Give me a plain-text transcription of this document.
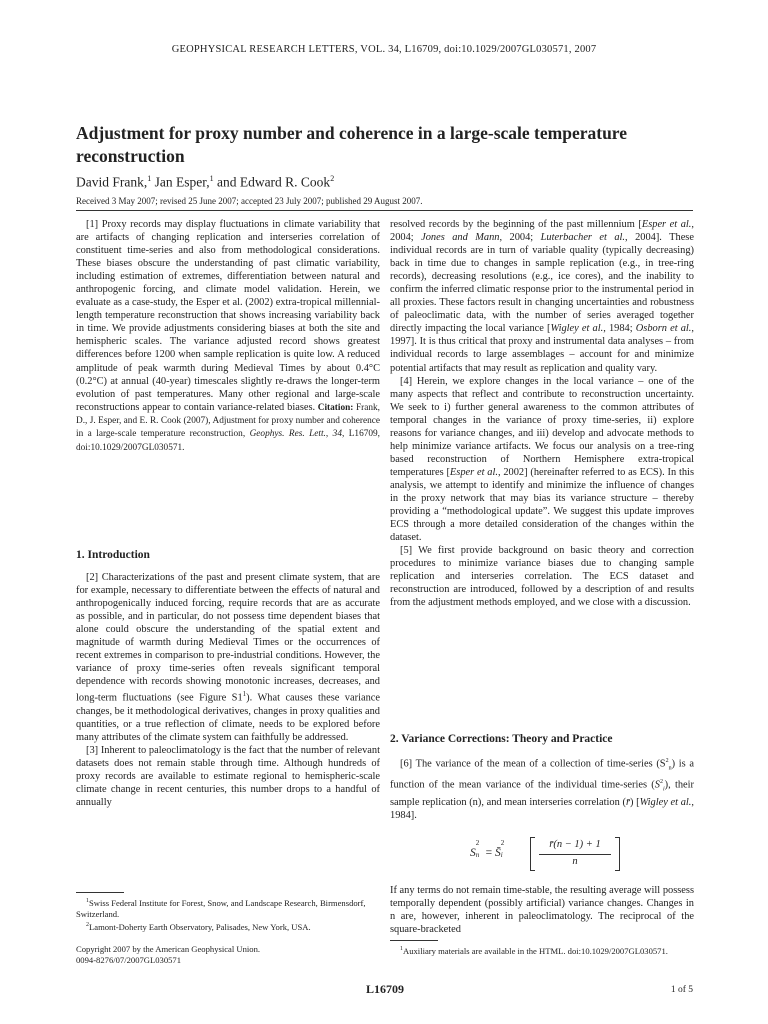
GEOPHYSICAL RESEARCH LETTERS, VOL. 34, L16709, doi:10.1029/2007GL030571, 2007
Adjustment for proxy number and coherence in a large-scale temperature reconstruction
David Frank,$^1$ Jan Esper,$^1$ and Edward R. Cook$^2$
Received 3 May 2007; revised 25 June 2007; accepted 23 July 2007; published 29 August 2007.

[1] Proxy records may display fluctuations in climate variability that are artifacts of changing replication and interseries correlation of constituent time-series and also from methodological considerations. These biases obscure the understanding of past climatic variability, including estimation of extremes, differentiation between natural and anthropogenic forcing, and climate model validation. Herein, we evaluate as a case-study, the Esper et al. (2002) extra-tropical millennial-length temperature reconstruction that shows increasing variability back in time. We provide adjustments considering biases at both the site and hemispheric scales. The variance adjusted record shows greatest differences before 1200 when sample replication is quite low. A reduced amplitude of peak warmth during Medieval Times by about 0.4°C (0.2°C) at annual (40-year) timescales slightly re-draws the longer-term evolution of past temperatures. Many other regional and large-scale reconstructions appear to contain variance-related biases. Citation: Frank, D., J. Esper, and E. R. Cook (2007), Adjustment for proxy number and coherence in a large-scale temperature reconstruction, Geophys. Res. Lett., 34, L16709, doi:10.1029/2007GL030571.

1. Introduction

[2] Characterizations of the past and present climate system, that are for example, necessary to differentiate between the effects of natural and anthropogenically induced forcing, require records that are as accurate as possible, and in particular, do not possess time dependent biases that alone could obscure the understanding of the spatial extent and magnitude of warmth during Medieval Times or the occurrences of recent extremes in comparison to pre-industrial conditions. However, the variance of proxy time-series often reveals significant temporal dependence with records showing monotonic increases, decreases, and long-term fluctuations (see Figure $S1^1$). What causes these variance changes, be it methodological derivatives, changes in proxy qualities and quantities, or a true reflection of climate, needs to be explored before many attributes of the climate system can faithfully be addressed.

[3] Inherent to paleoclimatology is the fact that the number of relevant datasets does not remain stable through time. Although hundreds of proxy records are available to estimate regional to hemispheric-scale climate change in recent centuries, this number drops to a handful of annually

$^1$Swiss Federal Institute for Forest, Snow, and Landscape Research, Birmensdorf, Switzerland.
$^2$Lamont-Doherty Earth Observatory, Palisades, New York, USA.
Copyright 2007 by the American Geophysical Union.
0094-8276/07/2007GL030571

resolved records by the beginning of the past millennium [Esper et al., 2004; Jones and Mann, 2004; Luterbacher et al., 2004]. These individual records are in turn of variable quality (typically decreasing) back in time due to changes in sample replication (e.g., in tree-ring records), decreasing resolutions (e.g., ice cores), and the inability to confirm the inferred climatic response prior to the instrumental period in all proxies. These factors result in changing uncertainties and robustness of paleoclimatic data, with the number of series averaged together directly impacting the local variance [Wigley et al., 1984; Osborn et al., 1997]. It is thus critical that proxy and instrumental data analyses – from individual records to large assemblages – account for and minimize potential artifacts that may result as replication and quality vary.

[4] Herein, we explore changes in the local variance – one of the many aspects that reflect and contribute to reconstruction uncertainty. We seek to i) further general awareness to the common attributes of temporal changes in the variance of proxy time-series, ii) explore reasons for variance changes, and iii) develop and advocate methods to help minimize variance artifacts. We focus our analysis on a tree-ring based reconstruction of Northern Hemisphere extra-tropical temperatures [Esper et al., 2002] (hereinafter referred to as ECS). In this analysis, we attempt to identify and minimize the influence of changes in the proxy network that may bias its variance structure – thereby providing a “methodological update”. We suggest this update improves ECS through a more detailed consideration of the changes within the dataset.

[5] We first provide background on basic theory and correction procedures to minimize variance biases due to changing sample replication and interseries correlation. The ECS dataset and reconstruction are introduced, followed by a description of and results from the adjustment methods employed, and we close with a discussion.

2. Variance Corrections: Theory and Practice

[6] The variance of the mean of a collection of time-series $(S^2_n)$ is a function of the mean variance of the individual time-series $(S^2_i)$, their sample replication (n), and mean interseries correlation (r̄) [Wigley et al., 1984].

S
2
n = S̄
2
i
r̄(n − 1) + 1
n

If any terms do not remain time-stable, the resulting average will possess temporally dependent (possibly artificial) variance changes. Changes in n are, however, inherent in paleoclimatology. The reciprocal of the square-bracketed

$^1$Auxiliary materials are available in the HTML. doi:10.1029/2007GL030571.
L16709	1 of 5
